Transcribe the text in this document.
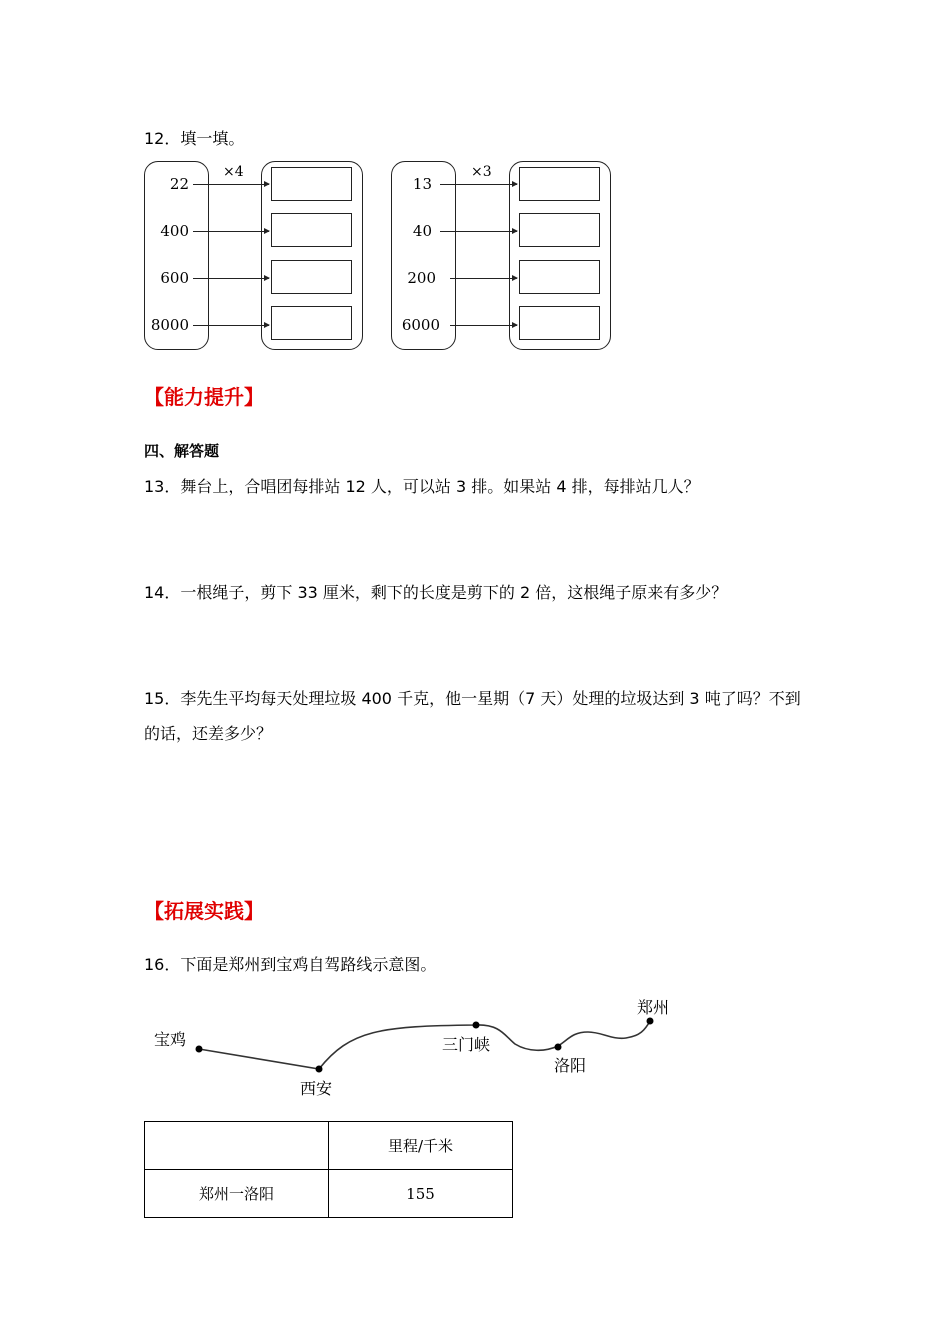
12．填一填。
×4
22
400
600
8000
×3
13
40
200
6000
【能力提升】
四、解答题
13．舞台上，合唱团每排站 12 人，可以站 3 排。如果站 4 排，每排站几人？
14．一根绳子，剪下 33 厘米，剩下的长度是剪下的 2 倍，这根绳子原来有多少？
15．李先生平均每天处理垃圾 400 千克，他一星期（7 天）处理的垃圾达到 3 吨了吗？不到
的话，还差多少？
【拓展实践】
16．下面是郑州到宝鸡自驾路线示意图。
宝鸡
西安
三门峡
洛阳
郑州
	里程/千米
郑州一洛阳	155
